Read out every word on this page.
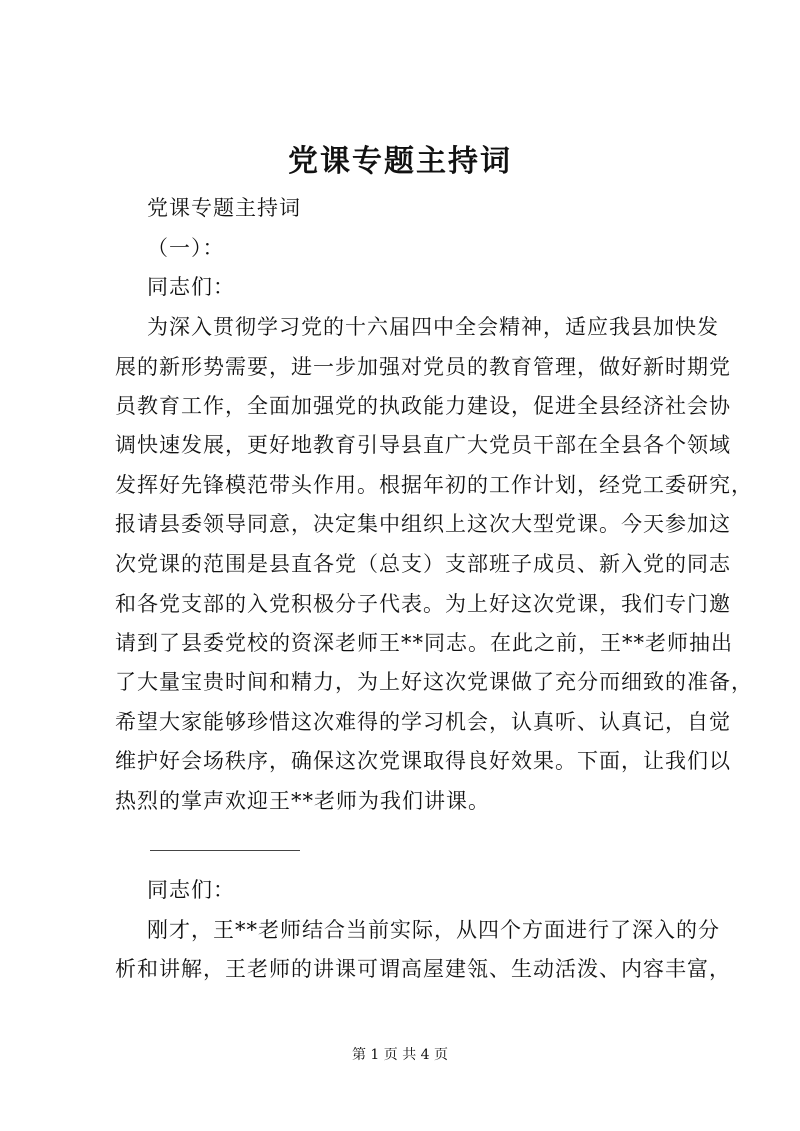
党课专题主持词
党课专题主持词
（一）：
同志们：
为深入贯彻学习党的十六届四中全会精神，适应我县加快发
展的新形势需要，进一步加强对党员的教育管理，做好新时期党
员教育工作，全面加强党的执政能力建设，促进全县经济社会协
调快速发展，更好地教育引导县直广大党员干部在全县各个领域
发挥好先锋模范带头作用。根据年初的工作计划，经党工委研究，
报请县委领导同意，决定集中组织上这次大型党课。今天参加这
次党课的范围是县直各党（总支）支部班子成员、新入党的同志
和各党支部的入党积极分子代表。为上好这次党课，我们专门邀
请到了县委党校的资深老师王**同志。在此之前，王**老师抽出
了大量宝贵时间和精力，为上好这次党课做了充分而细致的准备，
希望大家能够珍惜这次难得的学习机会，认真听、认真记，自觉
维护好会场秩序，确保这次党课取得良好效果。下面，让我们以
热烈的掌声欢迎王**老师为我们讲课。
同志们：
刚才，王**老师结合当前实际，从四个方面进行了深入的分
析和讲解，王老师的讲课可谓高屋建瓴、生动活泼、内容丰富，
第 1 页 共 4 页
